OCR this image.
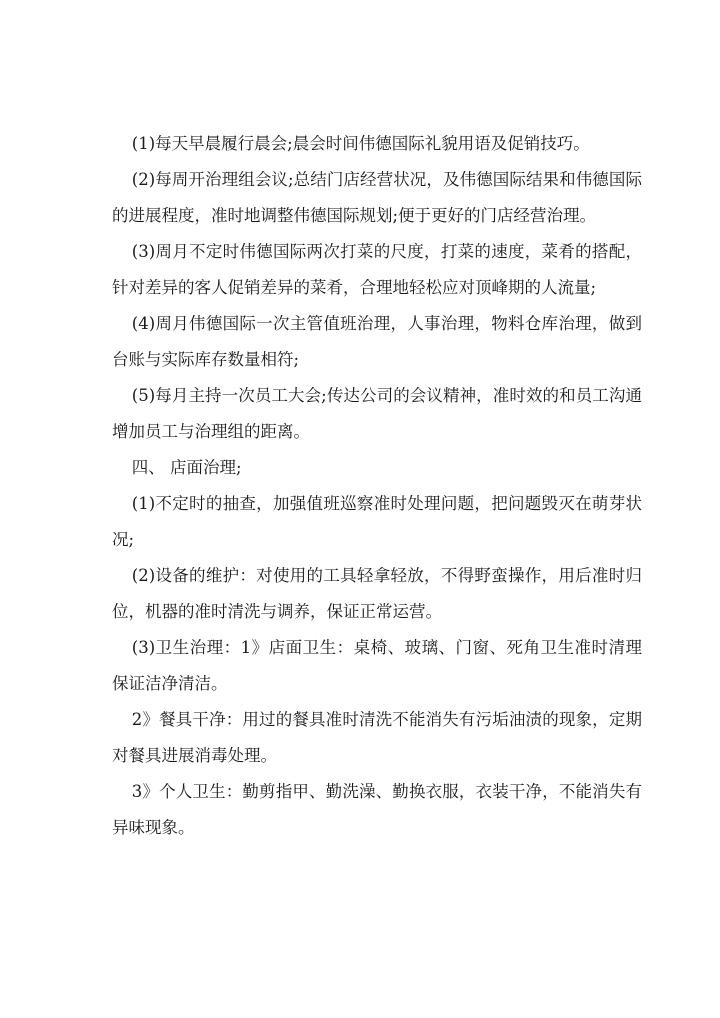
(1)每天早晨履行晨会;晨会时间伟德国际礼貌用语及促销技巧。

(2)每周开治理组会议;总结门店经营状况，及伟德国际结果和伟德国际的进展程度，准时地调整伟德国际规划;便于更好的门店经营治理。

(3)周月不定时伟德国际两次打菜的尺度，打菜的速度，菜肴的搭配，针对差异的客人促销差异的菜肴，合理地轻松应对顶峰期的人流量;

(4)周月伟德国际一次主管值班治理，人事治理，物料仓库治理，做到台账与实际库存数量相符;

(5)每月主持一次员工大会;传达公司的会议精神，准时效的和员工沟通增加员工与治理组的距离。

四、 店面治理;

(1)不定时的抽查，加强值班巡察准时处理问题，把问题毁灭在萌芽状况;

(2)设备的维护：对使用的工具轻拿轻放，不得野蛮操作，用后准时归位，机器的准时清洗与调养，保证正常运营。

(3)卫生治理：1》店面卫生：桌椅、玻璃、门窗、死角卫生准时清理保证洁净清洁。

2》餐具干净：用过的餐具准时清洗不能消失有污垢油渍的现象，定期对餐具进展消毒处理。

3》个人卫生：勤剪指甲、勤洗澡、勤换衣服，衣装干净，不能消失有异味现象。
